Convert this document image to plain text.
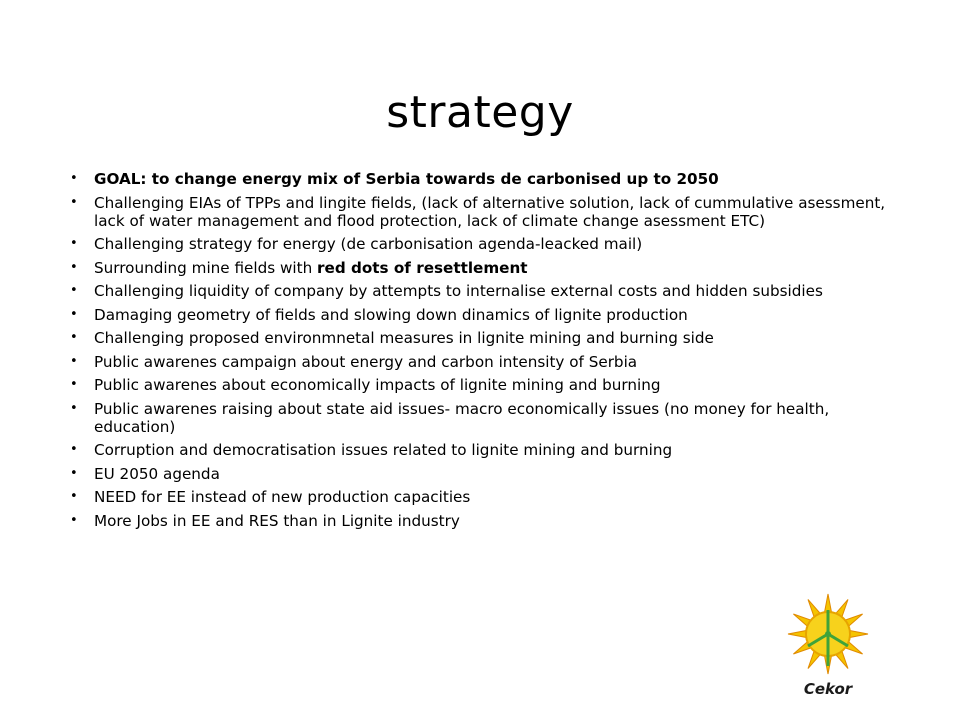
strategy
• GOAL: to change energy mix of Serbia towards de carbonised up to 2050
• Challenging EIAs of TPPs and lingite fields, (lack of alternative solution, lack of cummulative asessment, lack of water management and flood protection, lack of climate change asessment ETC)
• Challenging strategy for energy (de carbonisation agenda-leacked mail)
• Surrounding mine fields with red dots of resettlement
• Challenging liquidity of company by attempts to internalise external costs and hidden subsidies
• Damaging geometry of fields and slowing down dinamics of lignite production
• Challenging proposed environmnetal measures in lignite mining and burning side
• Public awarenes campaign about energy and carbon intensity of Serbia
• Public awarenes about economically impacts of lignite mining and burning
• Public awarenes raising about state aid issues- macro economically issues (no money for health, education)
• Corruption and democratisation issues related to lignite mining and burning
• EU 2050 agenda
• NEED for EE instead of new production capacities
• More Jobs in EE and RES than in Lignite industry
Cekor
